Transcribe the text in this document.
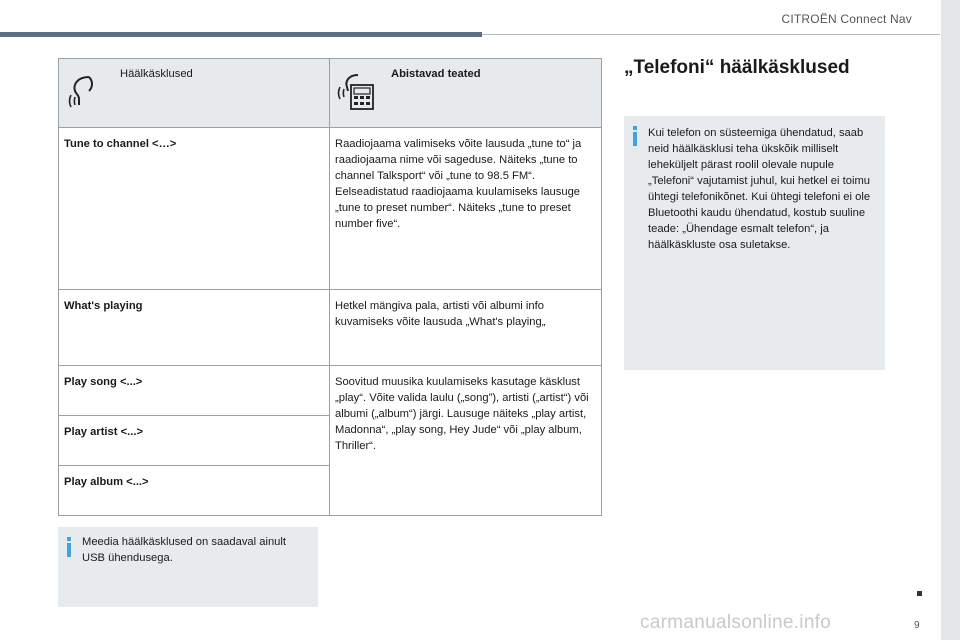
CITROËN Connect Nav
Häälkäsklused	Abistavad teated

Tune to channel <…>	Raadiojaama valimiseks võite lausuda „tune to“ ja raadiojaama nime või sageduse. Näiteks „tune to channel Talksport“ või „tune to 98.5 FM“. Eelseadistatud raadiojaama kuulamiseks lausuge „tune to preset number“. Näiteks „tune to preset number five“.
What's playing	Hetkel mängiva pala, artisti või albumi info kuvamiseks võite lausuda „What's playing„
Play song <...>	Soovitud muusika kuulamiseks kasutage käsklust „play“. Võite valida laulu („song”), artisti („artist“) või albumi („album“) järgi. Lausuge näiteks „play artist, Madonna“, „play song, Hey Jude“ või „play album, Thriller“.
Play artist <...>	
Play album <...>	
Meedia häälkäsklused on saadaval ainult USB ühendusega.
„Telefoni“ häälkäsklused
Kui telefon on süsteemiga ühendatud, saab neid häälkäsklusi teha ükskõik milliselt leheküljelt pärast roolil olevale nupule „Telefoni“ vajutamist juhul, kui hetkel ei toimu ühtegi telefonikõnet. Kui ühtegi telefoni ei ole Bluetoothi kaudu ühendatud, kostub suuline teade: „Ühendage esmalt telefon“, ja häälkäskluste osa suletakse.
9
carmanualsonline.info
